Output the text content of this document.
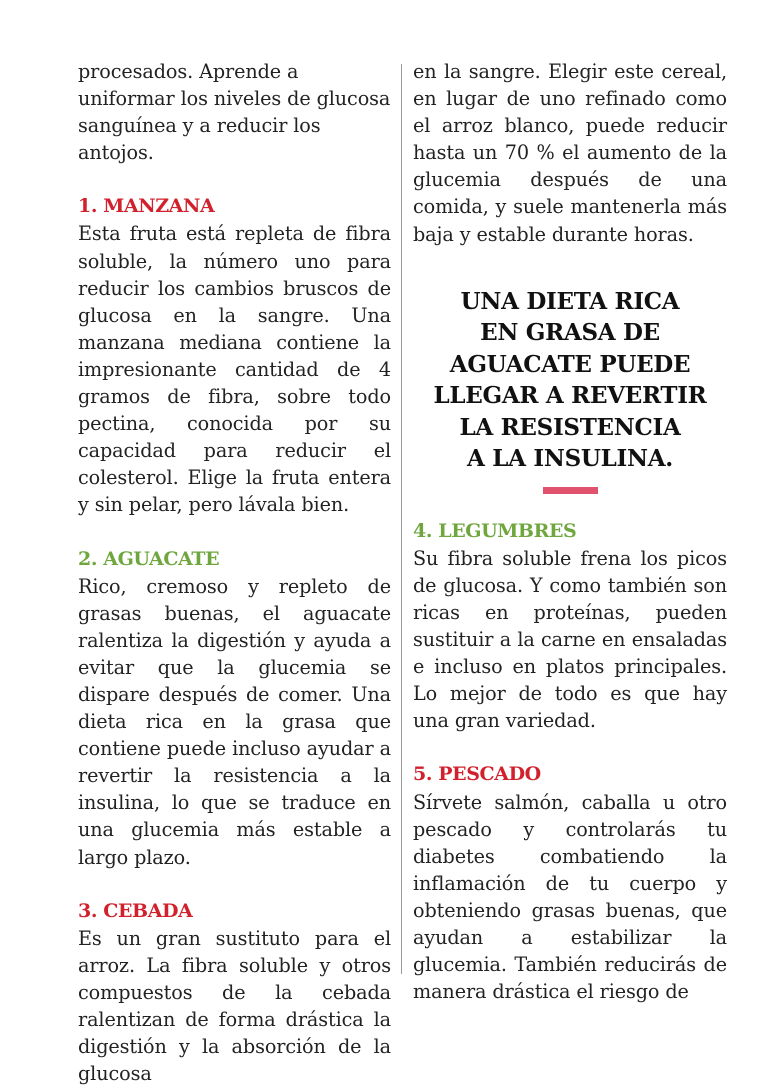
procesados. Aprende a uniformar los niveles de glucosa sanguínea y a reducir los antojos.

1. MANZANA

Esta fruta está repleta de fibra soluble, la número uno para reducir los cambios bruscos de glucosa en la sangre. Una manzana mediana contiene la impresionante cantidad de 4 gramos de fibra, sobre todo pectina, conocida por su capacidad para reducir el colesterol. Elige la fruta entera y sin pelar, pero lávala bien.

2. AGUACATE

Rico, cremoso y repleto de grasas buenas, el aguacate ralentiza la digestión y ayuda a evitar que la glucemia se dispare después de comer. Una dieta rica en la grasa que contiene puede incluso ayudar a revertir la resistencia a la insulina, lo que se traduce en una glucemia más estable a largo plazo.

3. CEBADA

Es un gran sustituto para el arroz. La fibra soluble y otros compuestos de la cebada ralentizan de forma drástica la digestión y la absorción de la glucosa

en la sangre. Elegir este cereal, en lugar de uno refinado como el arroz blanco, puede reducir hasta un 70 % el aumento de la glucemia después de una comida, y suele mantenerla más baja y estable durante horas.

UNA DIETA RICA
EN GRASA DE
AGUACATE PUEDE
LLEGAR A REVERTIR
LA RESISTENCIA
A LA INSULINA.
4. LEGUMBRES

Su fibra soluble frena los picos de glucosa. Y como también son ricas en proteínas, pueden sustituir a la carne en ensaladas e incluso en platos principales. Lo mejor de todo es que hay una gran variedad.

5. PESCADO

Sírvete salmón, caballa u otro pescado y controlarás tu diabetes combatiendo la inflamación de tu cuerpo y obteniendo grasas buenas, que ayudan a estabilizar la glucemia. También reducirás de manera drástica el riesgo de
